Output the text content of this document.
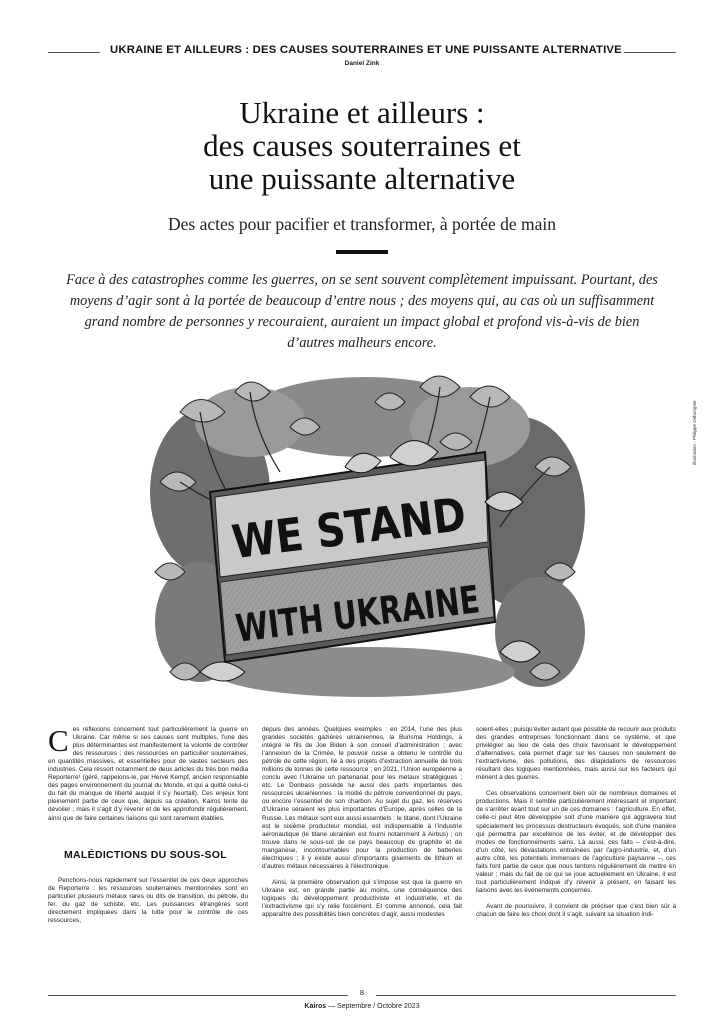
UKRAINE ET AILLEURS : DES CAUSES SOUTERRAINES ET UNE PUISSANTE ALTERNATIVE
Daniel Zink
Ukraine et ailleurs :
des causes souterraines et
une puissante alternative
Des actes pour pacifier et transformer, à portée de main
Face à des catastrophes comme les guerres, on se sent souvent complètement impuissant. Pourtant, des
moyens d’agir sont à la portée de beaucoup d’entre nous ; des moyens qui, au cas où un suffisamment
grand nombre de personnes y recouraient, auraient un impact global et profond vis-à-vis de bien
d’autres malheurs encore.
Illustration : Philippe Debongnie
WE STAND
WITH UKRAINE

Ces réflexions concernent tout particulièrement la guerre en Ukraine. Car même si ses causes sont multiples, l’une des plus déterminantes est manifestement la volonté de contrôler des ressources ; des ressources en particulier souterraines, en quantités massives, et essentielles pour de vastes secteurs des industries. Cela ressort notamment de deux articles du très bon média Reporterre¹ (géré, rappelons-le, par Hervé Kempf, ancien responsable des pages environnement du journal du Monde, et qui a quitté celui-ci du fait du manque de liberté auquel il s’y heurtait). Ces enjeux font pleinement partie de ceux que, depuis sa création, Kairos tente de dévoiler ; mais il s’agit d’y revenir et de les approfondir régulièrement, ainsi que de faire certaines liaisons qui sont rarement établies.

MALÉDICTIONS DU SOUS-SOL

Penchons-nous rapidement sur l’essentiel de ces deux approches de Reporterre : les ressources souterraines mentionnées sont en particulier plusieurs métaux rares ou dits de transition, du pétrole, du fer, du gaz de schiste, etc. Les puissances étrangères sont directement impliquées dans la lutte pour le contrôle de ces ressources,

depuis des années. Quelques exemples : en 2014, l’une des plus grandes sociétés gazières ukrainiennes, la Burisma Holdings, a intégré le fils de Joe Biden à son conseil d’administration ; avec l’annexion de la Crimée, le pouvoir russe a obtenu le contrôle du pétrole de cette région, lié à des projets d’extraction annuelle de trois millions de tonnes de cette ressource ; en 2021, l’Union européenne a conclu avec l’Ukraine un partenariat pour les métaux stratégiques ; etc. Le Donbass possède lui aussi des parts importantes des ressources ukrainiennes : la moitié du pétrole conventionnel du pays, ou encore l’essentiel de son charbon. Au sujet du gaz, les réserves d’Ukraine seraient les plus importantes d’Europe, après celles de la Russie. Les métaux sont eux aussi essentiels : le titane, dont l’Ukraine est le sixième producteur mondial, est indispensable à l’industrie aéronautique (le titane ukrainien est fourni notamment à Airbus) ; on trouve dans le sous-sol de ce pays beaucoup de graphite et de manganèse, incontournables pour la production de batteries électriques ; il y existe aussi d’importants gisements de lithium et d’autres métaux nécessaires à l’électronique.

Ainsi, la première observation qui s’impose est que la guerre en Ukraine est, en grande partie au moins, une conséquence des logiques du développement productiviste et industrielle, et de l’extractivisme qui s’y relie forcément. Et comme annoncé, cela fait apparaître des possibilités bien concrètes d’agir, aussi modestes

soient-elles ; puisqu’éviter autant que possible de recourir aux produits des grandes entreprises fonctionnant dans ce système, et que privilégier au lieu de cela des choix favorisant le développement d’alternatives, cela permet d’agir sur les causes non seulement de l’extractivisme, des pollutions, des dilapidations de ressources résultant des logiques mentionnées, mais aussi sur les facteurs qui mènent à des guerres.

Ces observations concernent bien sûr de nombreux domaines et productions. Mais il semble particulièrement intéressant et important de s’arrêter avant tout sur un de ces domaines : l’agriculture. En effet, celle-ci peut être développée soit d’une manière qui aggravera tout spécialement les processus destructeurs évoqués, soit d’une manière qui permettra par excellence de les éviter, et de développer des modes de fonctionnements sains. Là aussi, ces faits – c’est-à-dire, d’un côté, les dévastations entraînées par l’agro-industrie, et, d’un autre côté, les potentiels immenses de l’agriculture paysanne –, ces faits font partie de ceux que nous tentons régulièrement de mettre en valeur ; mais du fait de ce qui se joue actuellement en Ukraine, il est tout particulièrement indiqué d’y revenir à présent, en faisant les liaisons avec les événements concernés.

Avant de poursuivre, il convient de préciser que c’est bien sûr à chacun de faire les choix dont il s’agit, suivant sa situation indi-

8
Kairos — Septembre / Octobre 2023
